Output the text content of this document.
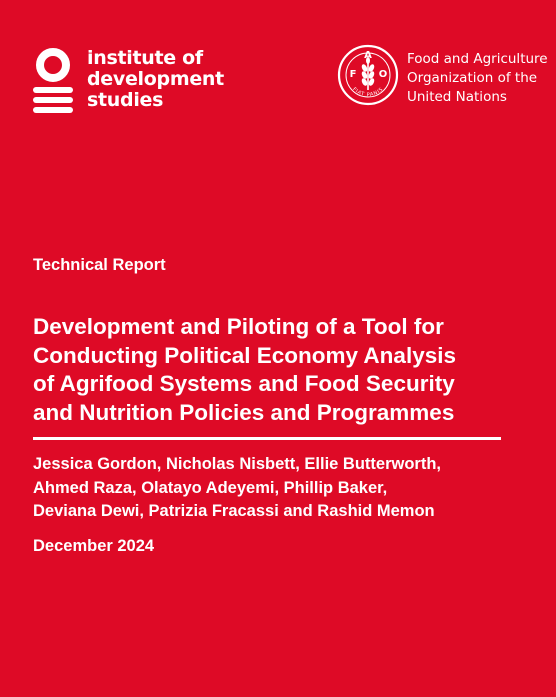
institute of
development
studies
F
A
O
FIAT PANIS
Food and Agriculture
Organization of the
United Nations
Technical Report
Development and Piloting of a Tool for
Conducting Political Economy Analysis
of Agrifood Systems and Food Security
and Nutrition Policies and Programmes
Jessica Gordon, Nicholas Nisbett, Ellie Butterworth,
Ahmed Raza, Olatayo Adeyemi, Phillip Baker,
Deviana Dewi, Patrizia Fracassi and Rashid Memon
December 2024
